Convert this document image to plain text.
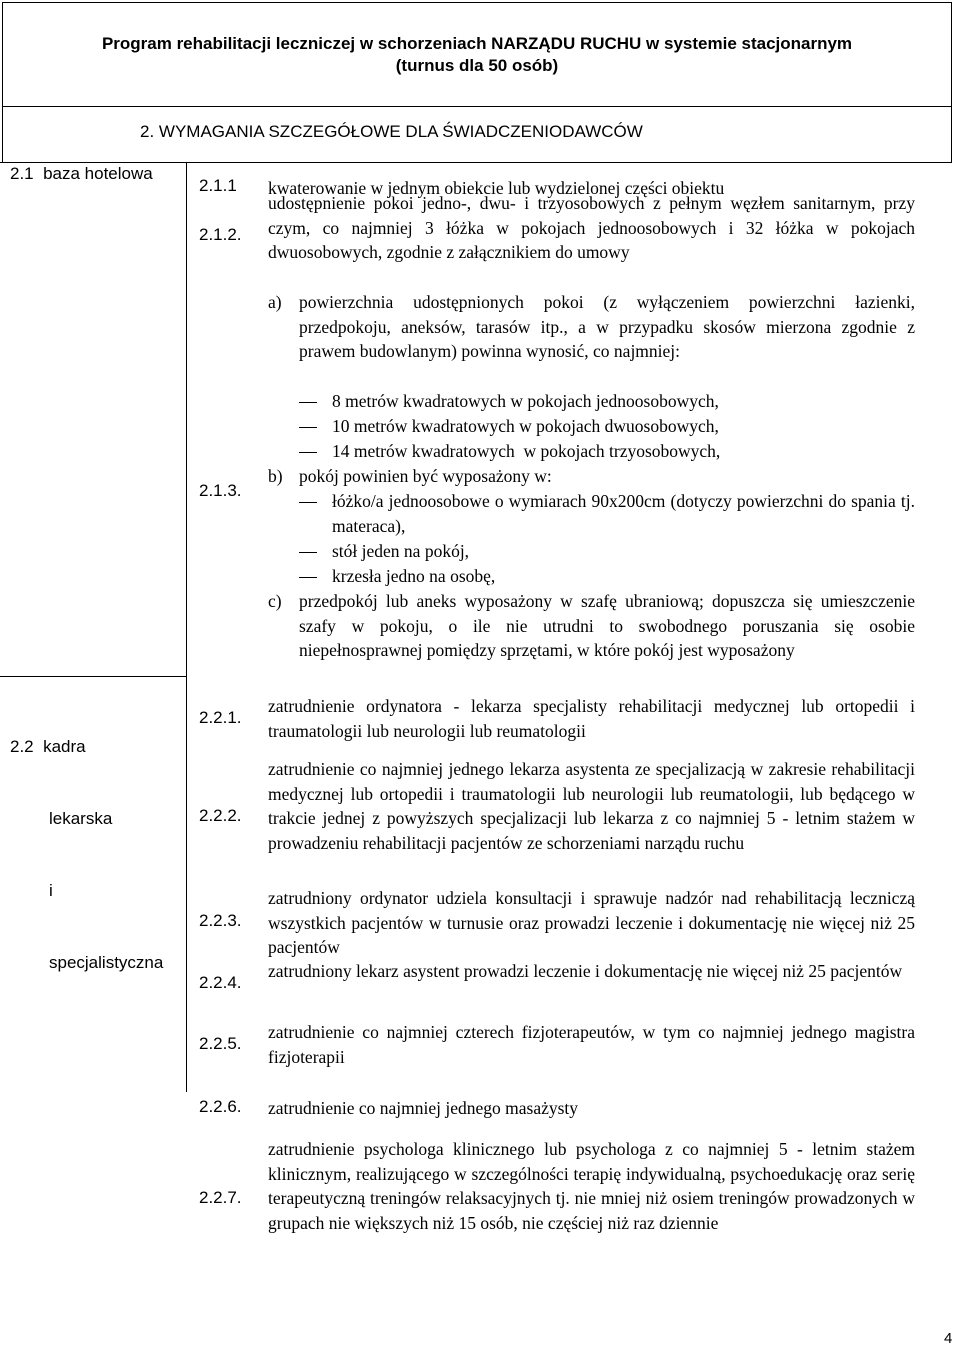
Program rehabilitacji leczniczej w schorzeniach NARZĄDU RUCHU w systemie stacjonarnym
(turnus dla 50 osób)
2. WYMAGANIA SZCZEGÓŁOWE DLA ŚWIADCZENIODAWCÓW
2.1  baza hotelowa

2.2  kadra

lekarska

i

specjalistyczna

2.1.1 kwaterowanie w jednym obiekcie lub wydzielonej części obiektu
2.1.2.
udostępnienie pokoi jedno-, dwu- i trzyosobowych z pełnym węzłem sanitarnym, przy czym, co najmniej 3 łóżka w pokojach jednoosobowych i 32 łóżka w pokojach dwuosobowych, zgodnie z załącznikiem do umowy
2.1.3.
a) powierzchnia udostępnionych pokoi (z wyłączeniem powierzchni łazienki, przedpokoju, aneksów, tarasów itp., a w przypadku skosów mierzona zgodnie z prawem budowlanym) powinna wynosić, co najmniej:
8 metrów kwadratowych w pokojach jednoosobowych,
10 metrów kwadratowych w pokojach dwuosobowych,
14 metrów kwadratowych  w pokojach trzyosobowych,
b) pokój powinien być wyposażony w:
łóżko/a jednoosobowe o wymiarach 90x200cm (dotyczy powierzchni do spania tj. materaca),
stół jeden na pokój,
krzesła jedno na osobę,
c) przedpokój lub aneks wyposażony w szafę ubraniową; dopuszcza się umieszczenie szafy w pokoju, o ile nie utrudni to swobodnego poruszania się osobie niepełnosprawnej pomiędzy sprzętami, w które pokój jest wyposażony
2.2.1.
zatrudnienie ordynatora - lekarza specjalisty rehabilitacji medycznej lub ortopedii i traumatologii lub neurologii lub reumatologii
2.2.2.
zatrudnienie co najmniej jednego lekarza asystenta ze specjalizacją w zakresie rehabilitacji medycznej lub ortopedii i traumatologii lub neurologii lub reumatologii, lub będącego w trakcie jednej z powyższych specjalizacji lub lekarza z co najmniej 5 - letnim stażem w prowadzeniu rehabilitacji pacjentów ze schorzeniami narządu ruchu
2.2.3.
zatrudniony ordynator udziela konsultacji i sprawuje nadzór nad rehabilitacją leczniczą wszystkich pacjentów w turnusie oraz prowadzi leczenie i dokumentację nie więcej niż 25 pacjentów
2.2.4.
zatrudniony lekarz asystent prowadzi leczenie i dokumentację nie więcej niż 25 pacjentów
2.2.5.
zatrudnienie co najmniej czterech fizjoterapeutów, w tym co najmniej jednego magistra fizjoterapii
2.2.6. zatrudnienie co najmniej jednego masażysty
2.2.7.
zatrudnienie psychologa klinicznego lub psychologa z co najmniej 5 - letnim stażem klinicznym, realizującego w szczególności terapię indywidualną, psychoedukację oraz serię terapeutyczną treningów relaksacyjnych tj. nie mniej niż osiem treningów prowadzonych w grupach nie większych niż 15 osób, nie częściej niż raz dziennie
4
